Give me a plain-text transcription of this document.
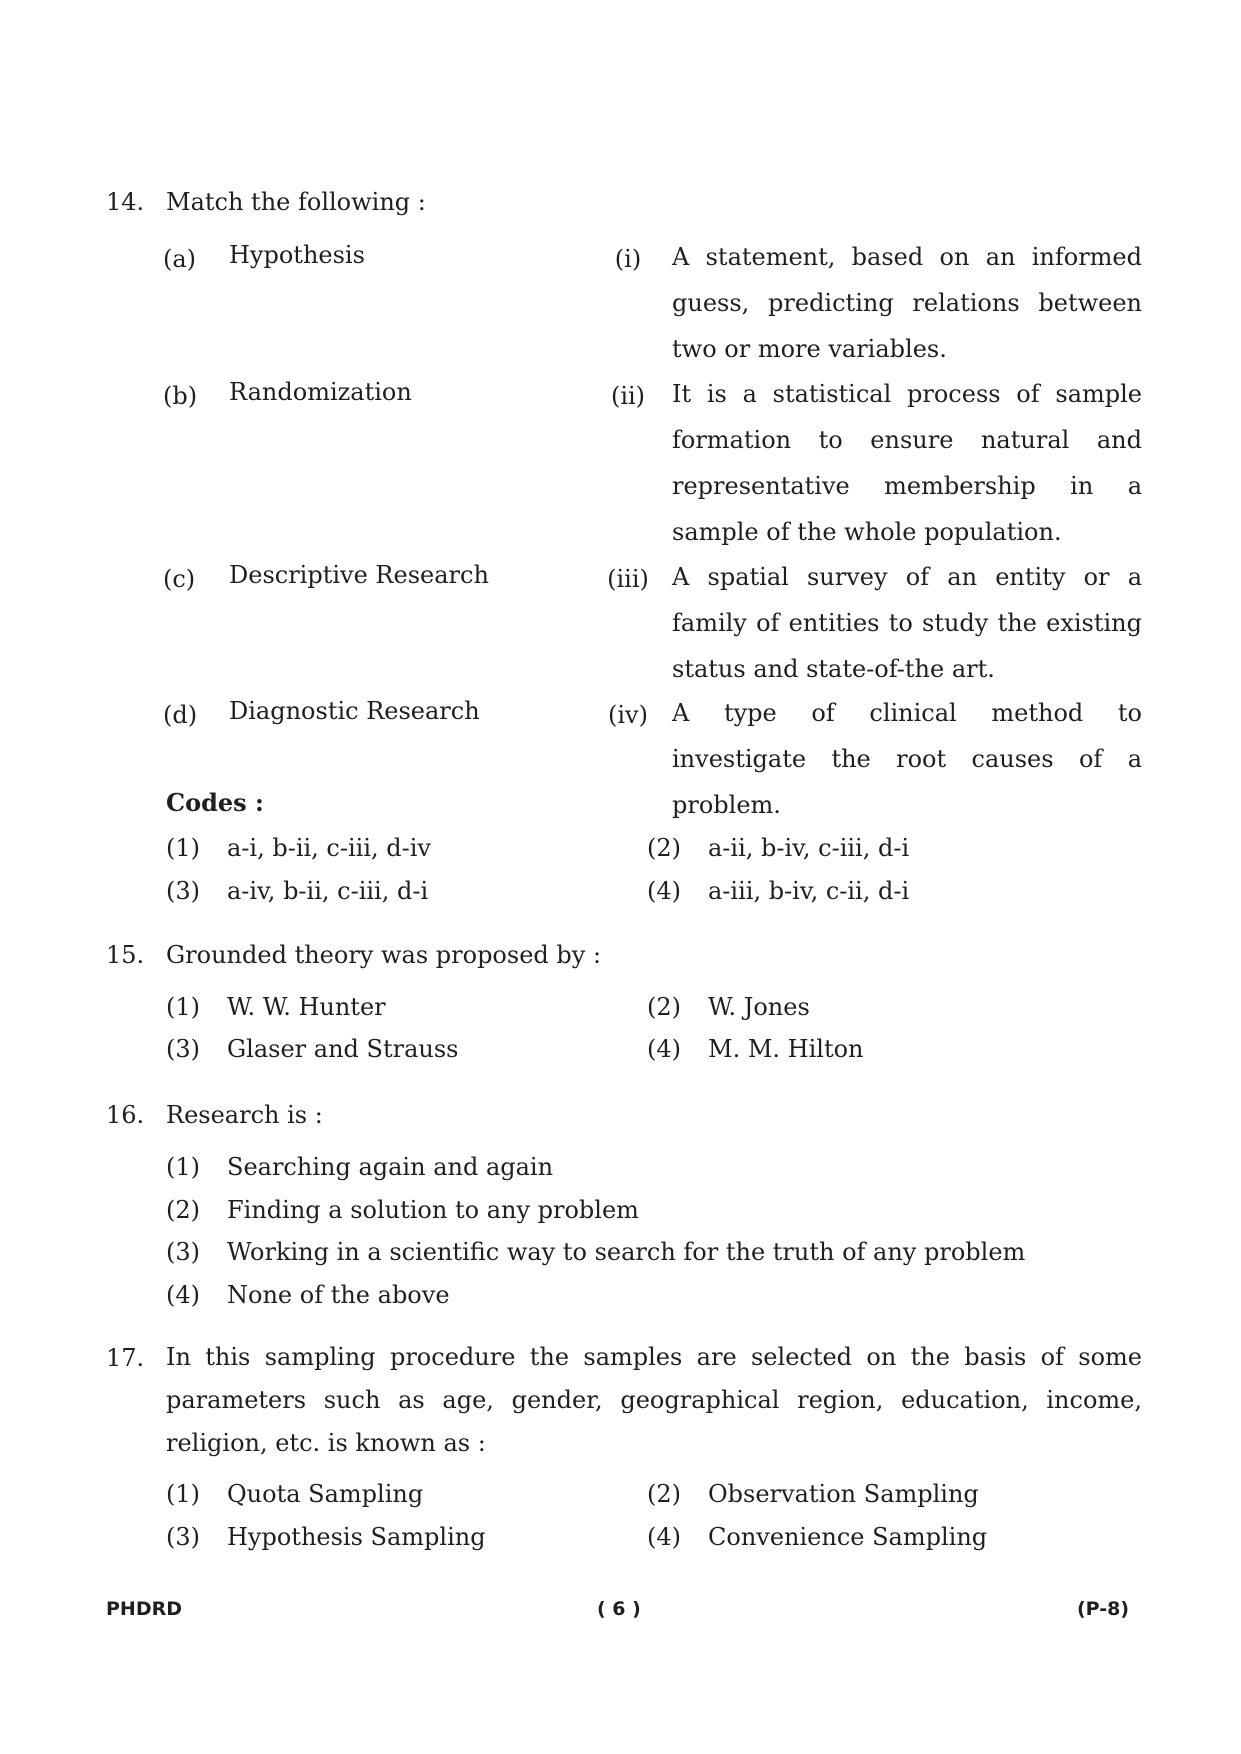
14. Match the following :
(a) Hypothesis	(i)	A statement, based on an informed guess, predicting relations between two or more variables.
(b) Randomization	(ii)	It is a statistical process of sample formation to ensure natural and representative membership in a sample of the whole population.
(c) Descriptive Research	(iii) A spatial survey of an entity or a family of entities to study the existing status and state-of-the art.
(d) Diagnostic Research	(iv)	A type of clinical method to investigate the root causes of a problem.
Codes :
(1) a-i, b-ii, c-iii, d-iv	(2) a-ii, b-iv, c-iii, d-i
(3) a-iv, b-ii, c-iii, d-i	(4) a-iii, b-iv, c-ii, d-i
15. Grounded theory was proposed by :
(1) W. W. Hunter	(2) W. Jones
(3) Glaser and Strauss	(4) M. M. Hilton
16. Research is :
(1) Searching again and again
(2) Finding a solution to any problem
(3) Working in a scientific way to search for the truth of any problem
(4) None of the above
17. In this sampling procedure the samples are selected on the basis of some parameters such as age, gender, geographical region, education, income, religion, etc. is known as :
(1) Quota Sampling	(2) Observation Sampling
(3) Hypothesis Sampling	(4) Convenience Sampling
PHDRD	( 6 )	(P-8)
